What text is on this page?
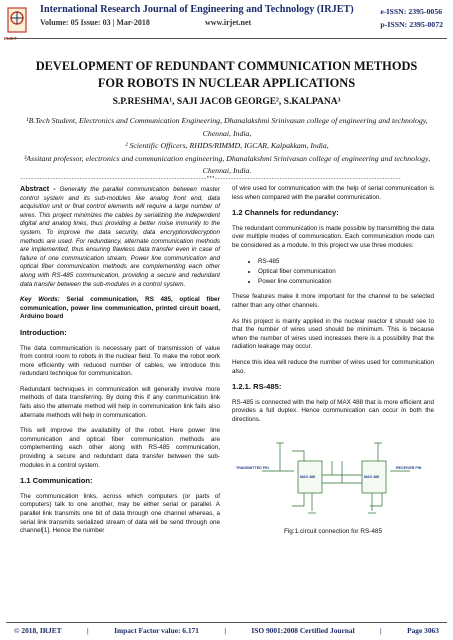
IRJET
International Research Journal of Engineering and Technology (IRJET)
Volume: 05 Issue: 03 | Mar-2018	www.irjet.net
e-ISSN: 2395-0056
p-ISSN: 2395-0072
DEVELOPMENT OF REDUNDANT COMMUNICATION METHODS FOR ROBOTS IN NUCLEAR APPLICATIONS
S.P.RESHMA¹, SAJI JACOB GEORGE², S.KALPANA³
¹B.Tech Student, Electronics and Communication Engineering, Dhanalakshmi Srinivasan college of engineering and technology, Chennai, India,
² Scientific Officers, RHIDS/RIMMD, IGCAR, Kalpakkam, India,
³Assitant professor, electronics and communication engineering, Dhanalakshmi Srinivasan college of engineering and technology, Chennai, India.
---------------------------------------------------------------------***---------------------------------------------------------------------

Abstract - Generally the parallel communication between master control system and its sub-modules like analog front end, data acquisition unit or final control elements will require a large number of wires. This project minimizes the cables by serializing the independent digital and analog lines, thus providing a better noise immunity to the system. To improve the data security, data encryption/decryption methods are used. For redundancy, alternate communication methods are implemented, thus ensuring flawless data transfer even in case of failure of one communication stream. Power line communication and optical fiber communication methods are complementing each other along with RS-485 communication, providing a secure and redundant data transfer between the sub-modules in a control system.

Key Words: Serial communication, RS 485, optical fiber communication, power line communication, printed circuit board, Arduino board

Introduction:

The data communication is necessary part of transmission of value from control room to robots in the nuclear field. To make the robot work more efficiently with reduced number of cables, we introduce this redundant technique for communication.

Redundant techniques in communication will generally involve more methods of data transferring. By doing this if any communication link fails also the alternate method will help in communication link fails also alternate methods will help in communication.

This will improve the availability of the robot. Here power line communication and optical fiber communication methods are complementing each other along with RS-485 communication, providing a secure and redundant data transfer between the sub-modules in a control system.

1.1 Communication:

The communication links, across which computers (or parts of computers) talk to one another, may be either serial or parallel. A parallel link transmits one bit of data through one channel whereas, a serial link transmits serialized stream of data will be send through one channel[1]. Hence the number

of wire used for communication with the help of serial communication is less when compared with the parallel communication.

1.2 Channels for redundancy:

The redundant communication is made possible by transmitting the data over multiple modes of communication. Each communication mode can be considered as a module. In this project we use three modules:

• RS-485
• Optical fiber communication
• Power line communication

These features make it more important for the channel to be selected rather than any other channels.

As this project is mainly applied in the nuclear reactor it should see to that the number of wires used should be minimum. This is because when the number of wires used increases there is a possibility that the radiation leakage may occur.

Hence this idea will reduce the number of wires used for communication also.

1.2.1. RS-485:

RS-485 is connected with the help of MAX 488 that is more efficient and provides a full duplex. Hence communication can occur in both the directions.

TRANSMITTED PIN	RECEIVER PIN
MAX 488	MAX 488
Fig:1.circuit connection for RS-485
© 2018, IRJET	|	Impact Factor value: 6.171	|	ISO 9001:2008 Certified Journal	|	Page 3063
